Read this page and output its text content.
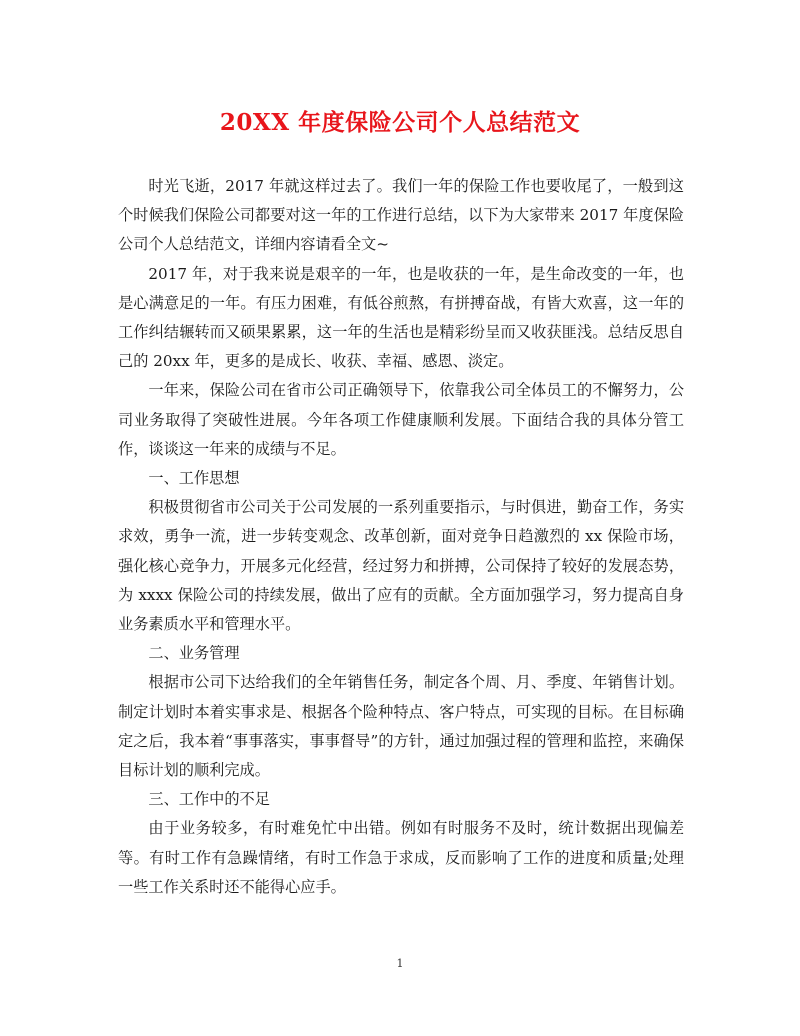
20XX 年度保险公司个人总结范文

时光飞逝，2017 年就这样过去了。我们一年的保险工作也要收尾了，一般到这个时候我们保险公司都要对这一年的工作进行总结，以下为大家带来 2017 年度保险公司个人总结范文，详细内容请看全文~

2017 年，对于我来说是艰辛的一年，也是收获的一年，是生命改变的一年，也是心满意足的一年。有压力困难，有低谷煎熬，有拼搏奋战，有皆大欢喜，这一年的工作纠结辗转而又硕果累累，这一年的生活也是精彩纷呈而又收获匪浅。总结反思自己的 20xx 年，更多的是成长、收获、幸福、感恩、淡定。

一年来，保险公司在省市公司正确领导下，依靠我公司全体员工的不懈努力，公司业务取得了突破性进展。今年各项工作健康顺利发展。下面结合我的具体分管工作，谈谈这一年来的成绩与不足。

一、工作思想

积极贯彻省市公司关于公司发展的一系列重要指示，与时俱进，勤奋工作，务实求效，勇争一流，进一步转变观念、改革创新，面对竞争日趋激烈的 xx 保险市场，强化核心竞争力，开展多元化经营，经过努力和拼搏，公司保持了较好的发展态势，为 xxxx 保险公司的持续发展，做出了应有的贡献。全方面加强学习，努力提高自身业务素质水平和管理水平。

二、业务管理

根据市公司下达给我们的全年销售任务，制定各个周、月、季度、年销售计划。制定计划时本着实事求是、根据各个险种特点、客户特点，可实现的目标。在目标确定之后，我本着“事事落实，事事督导”的方针，通过加强过程的管理和监控，来确保目标计划的顺利完成。

三、工作中的不足

由于业务较多，有时难免忙中出错。例如有时服务不及时，统计数据出现偏差等。有时工作有急躁情绪，有时工作急于求成，反而影响了工作的进度和质量;处理一些工作关系时还不能得心应手。

1
